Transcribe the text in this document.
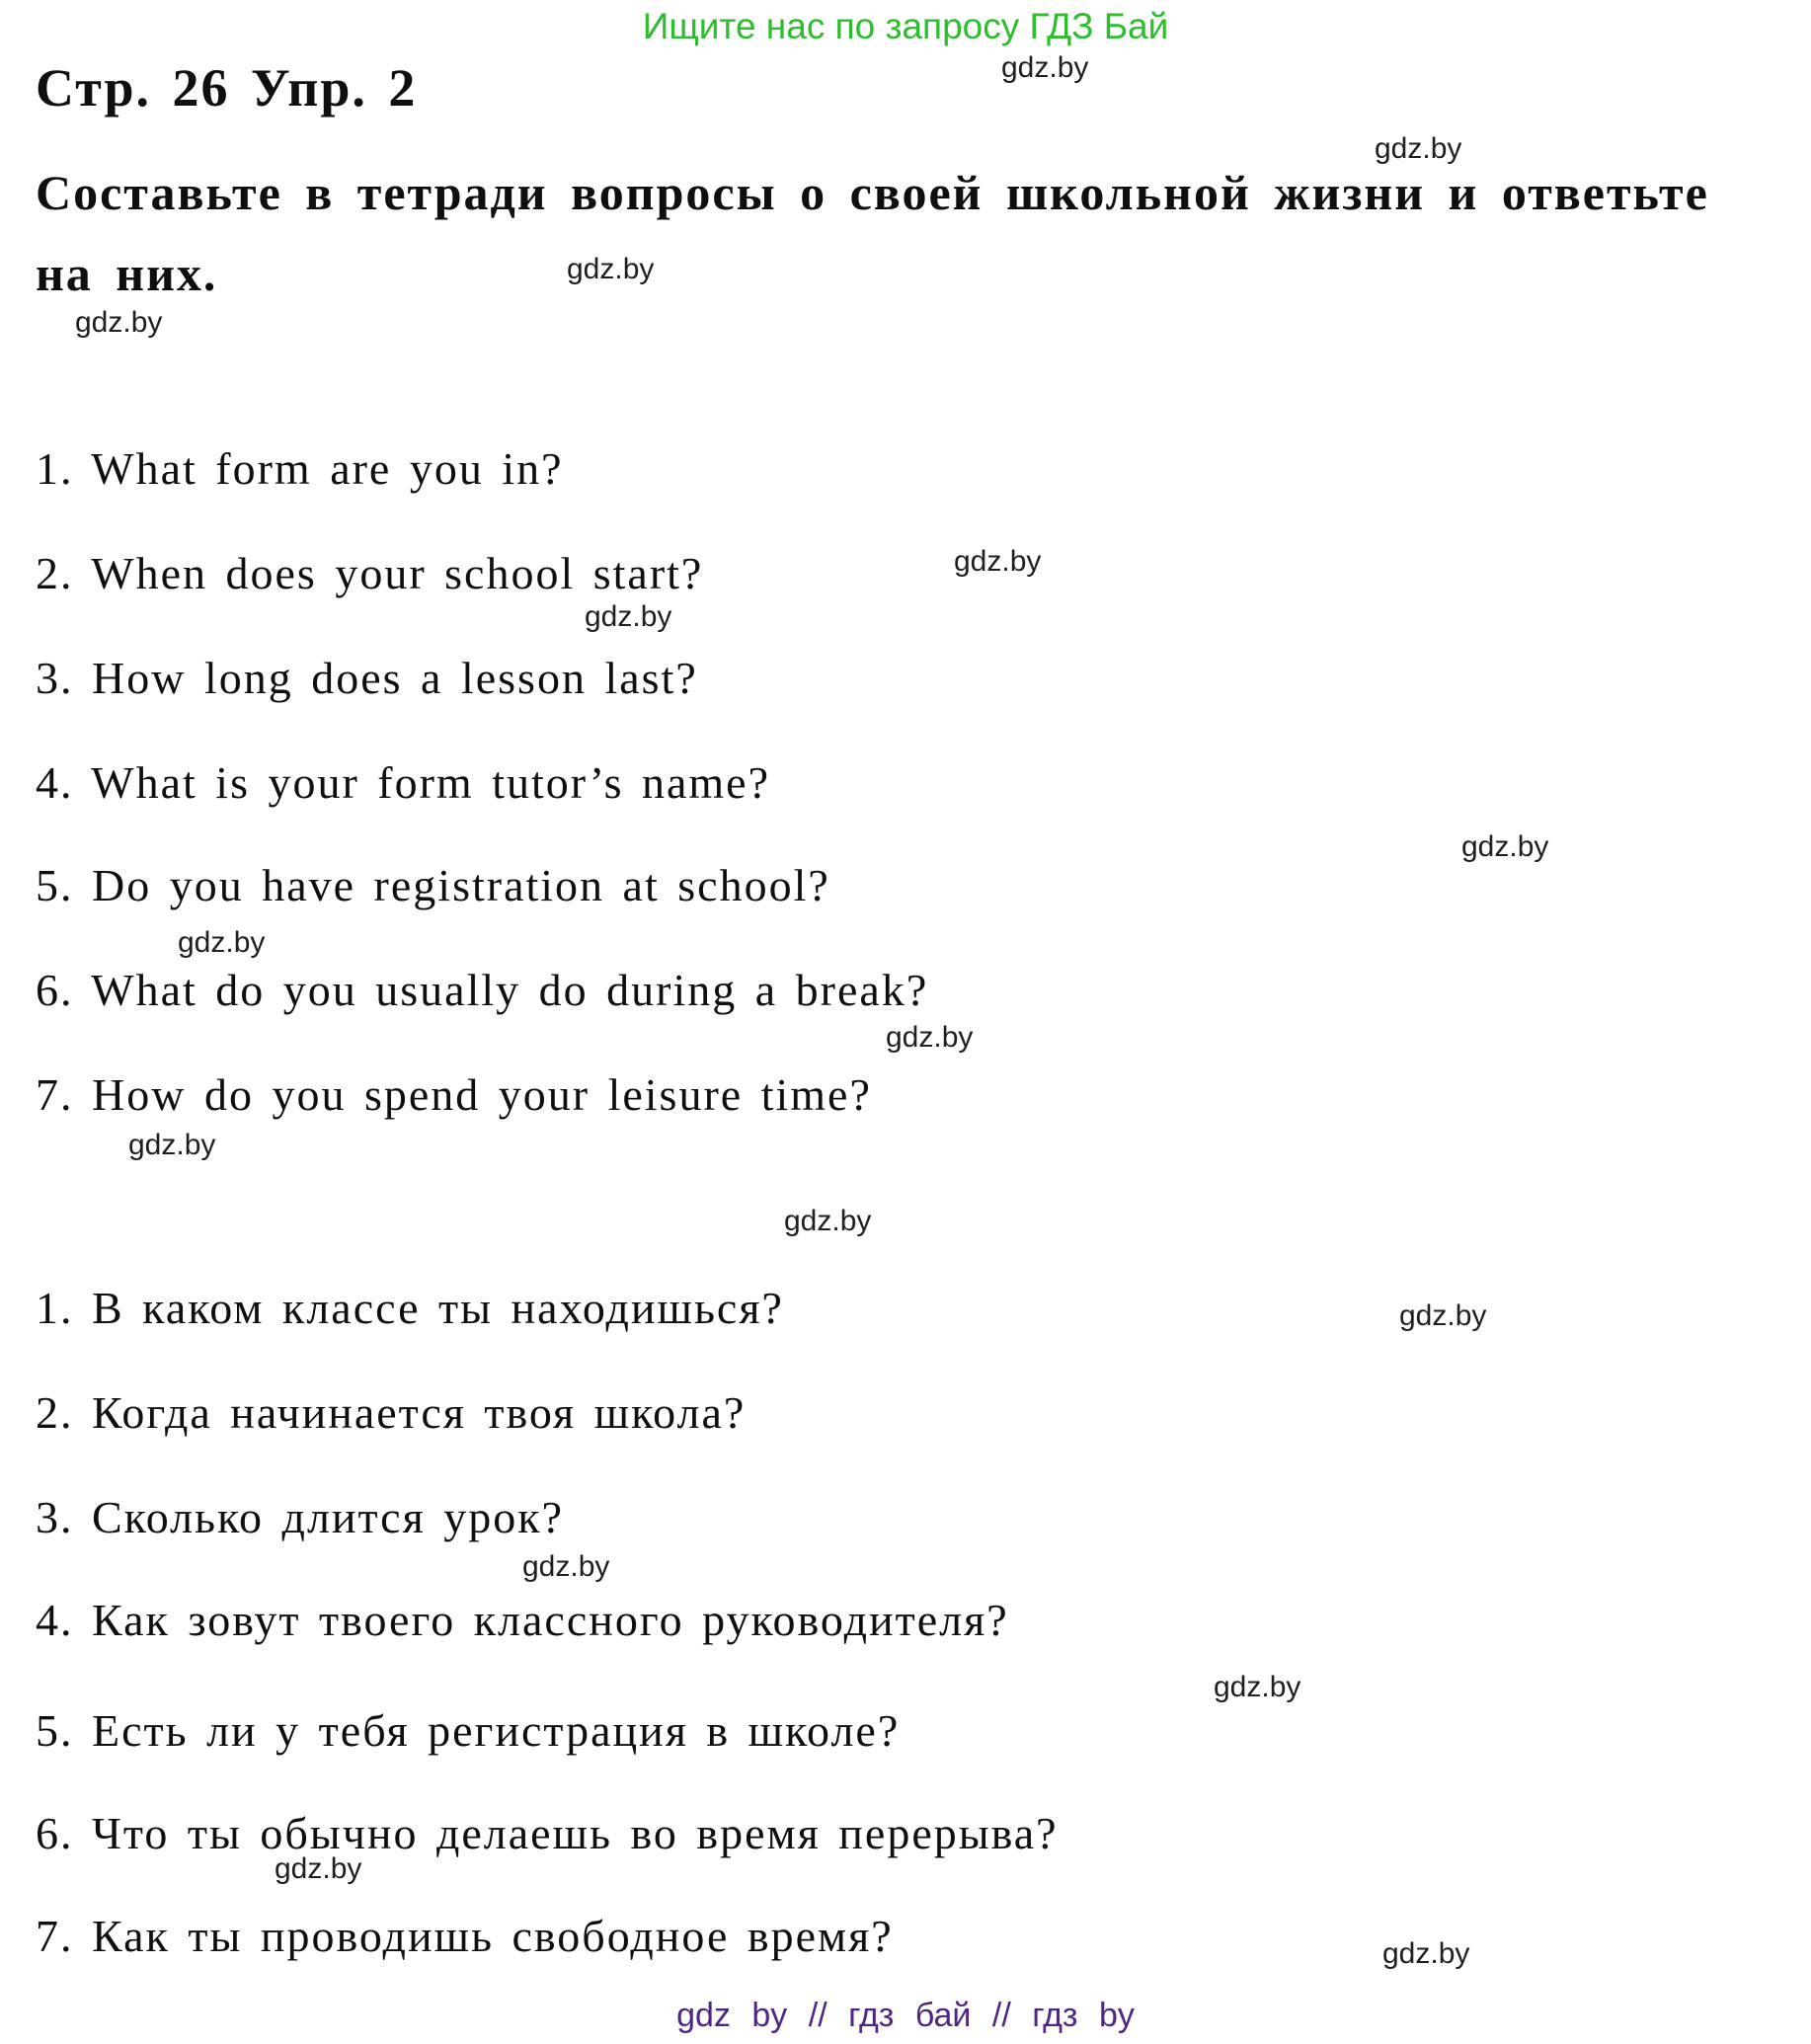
Ищите нас по запросу ГДЗ Бай
Стр. 26 Упр. 2
Составьте в тетради вопросы о своей школьной жизни и ответьте
на них.
1. What form are you in?
2. When does your school start?
3. How long does a lesson last?
4. What is your form tutor’s name?
5. Do you have registration at school?
6. What do you usually do during a break?
7. How do you spend your leisure time?
1. В каком классе ты находишься?
2. Когда начинается твоя школа?
3. Сколько длится урок?
4. Как зовут твоего классного руководителя?
5. Есть ли у тебя регистрация в школе?
6. Что ты обычно делаешь во время перерыва?
7. Как ты проводишь свободное время?
gdz.by
gdz.by
gdz.by
gdz.by
gdz.by
gdz.by
gdz.by
gdz.by
gdz.by
gdz.by
gdz.by
gdz.by
gdz.by
gdz.by
gdz.by
gdz.by
gdz by // гдз бай // гдз by
